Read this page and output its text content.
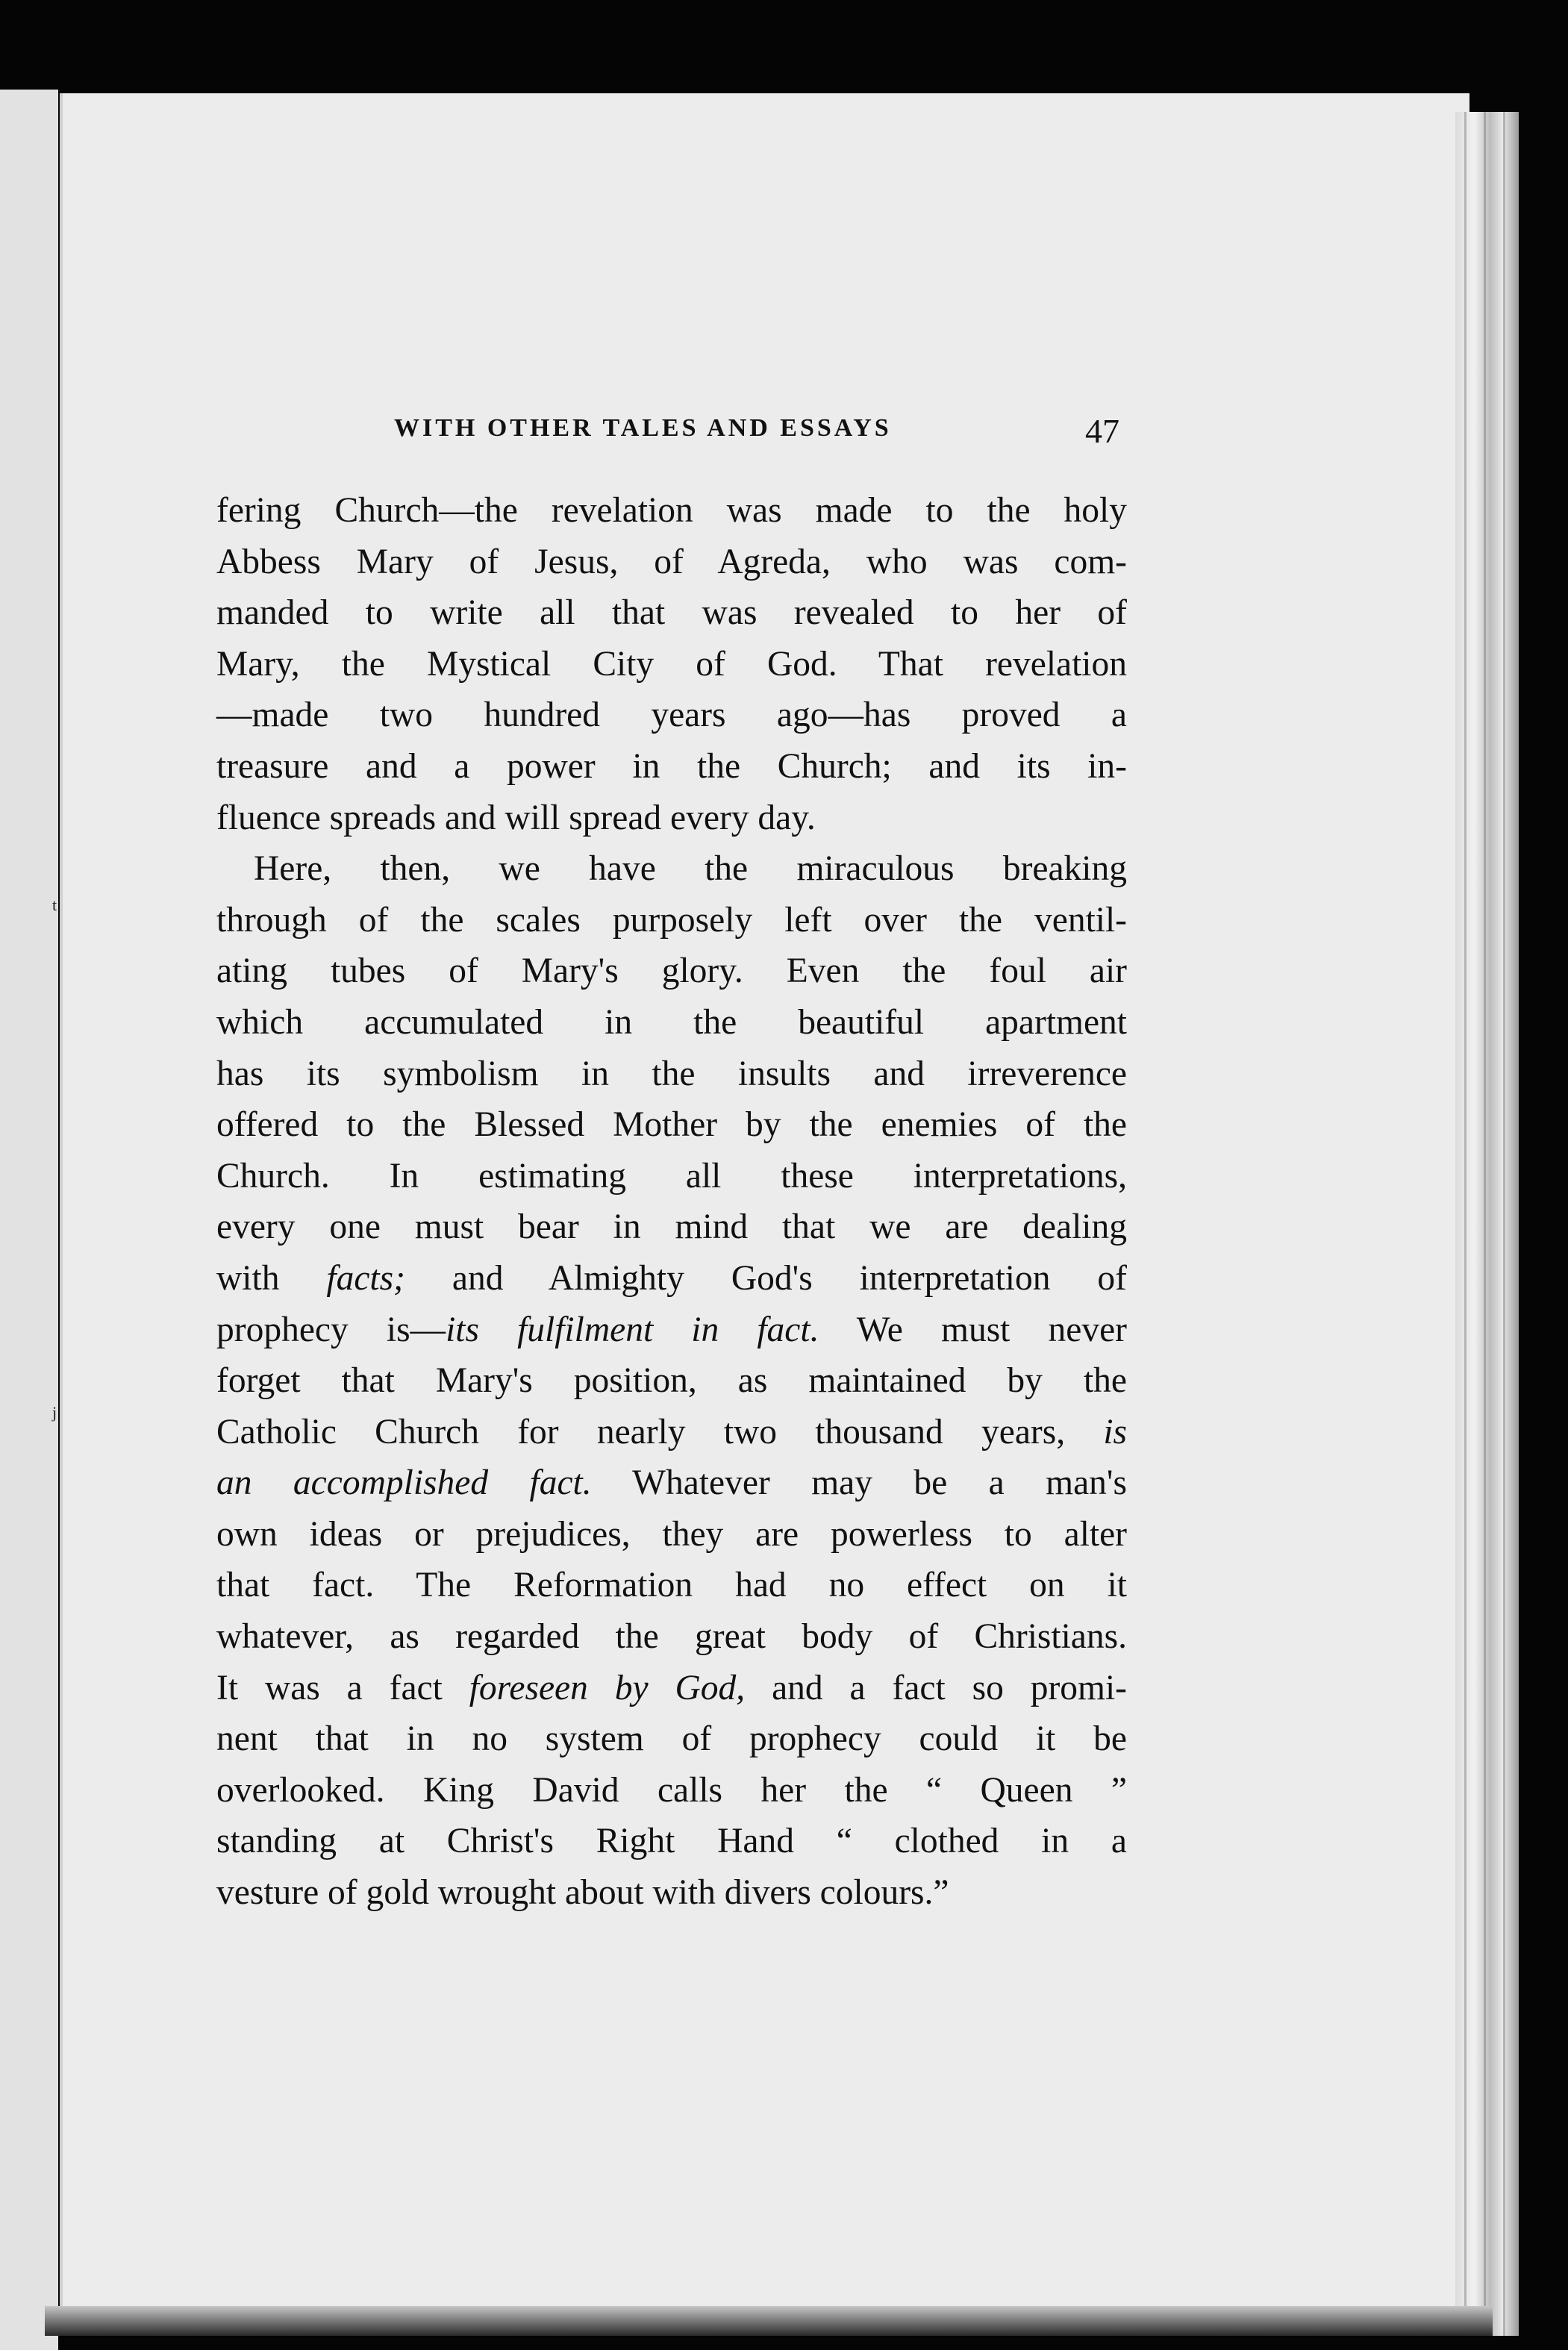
t
j
WITH OTHER TALES AND ESSAYS	47
fering Church—the revelation was made to the holy
Abbess Mary of Jesus, of Agreda, who was com-
manded to write all that was revealed to her of
Mary, the Mystical City of God. That revelation
—made two hundred years ago—has proved a
treasure and a power in the Church; and its in-
fluence spreads and will spread every day.
Here, then, we have the miraculous breaking
through of the scales purposely left over the ventil-
ating tubes of Mary's glory. Even the foul air
which accumulated in the beautiful apartment
has its symbolism in the insults and irreverence
offered to the Blessed Mother by the enemies of the
Church. In estimating all these interpretations,
every one must bear in mind that we are dealing
with facts; and Almighty God's interpretation of
prophecy is—its fulfilment in fact. We must never
forget that Mary's position, as maintained by the
Catholic Church for nearly two thousand years, is
an accomplished fact. Whatever may be a man's
own ideas or prejudices, they are powerless to alter
that fact. The Reformation had no effect on it
whatever, as regarded the great body of Christians.
It was a fact foreseen by God, and a fact so promi-
nent that in no system of prophecy could it be
overlooked. King David calls her the “ Queen ”
standing at Christ's Right Hand “ clothed in a
vesture of gold wrought about with divers colours.”
